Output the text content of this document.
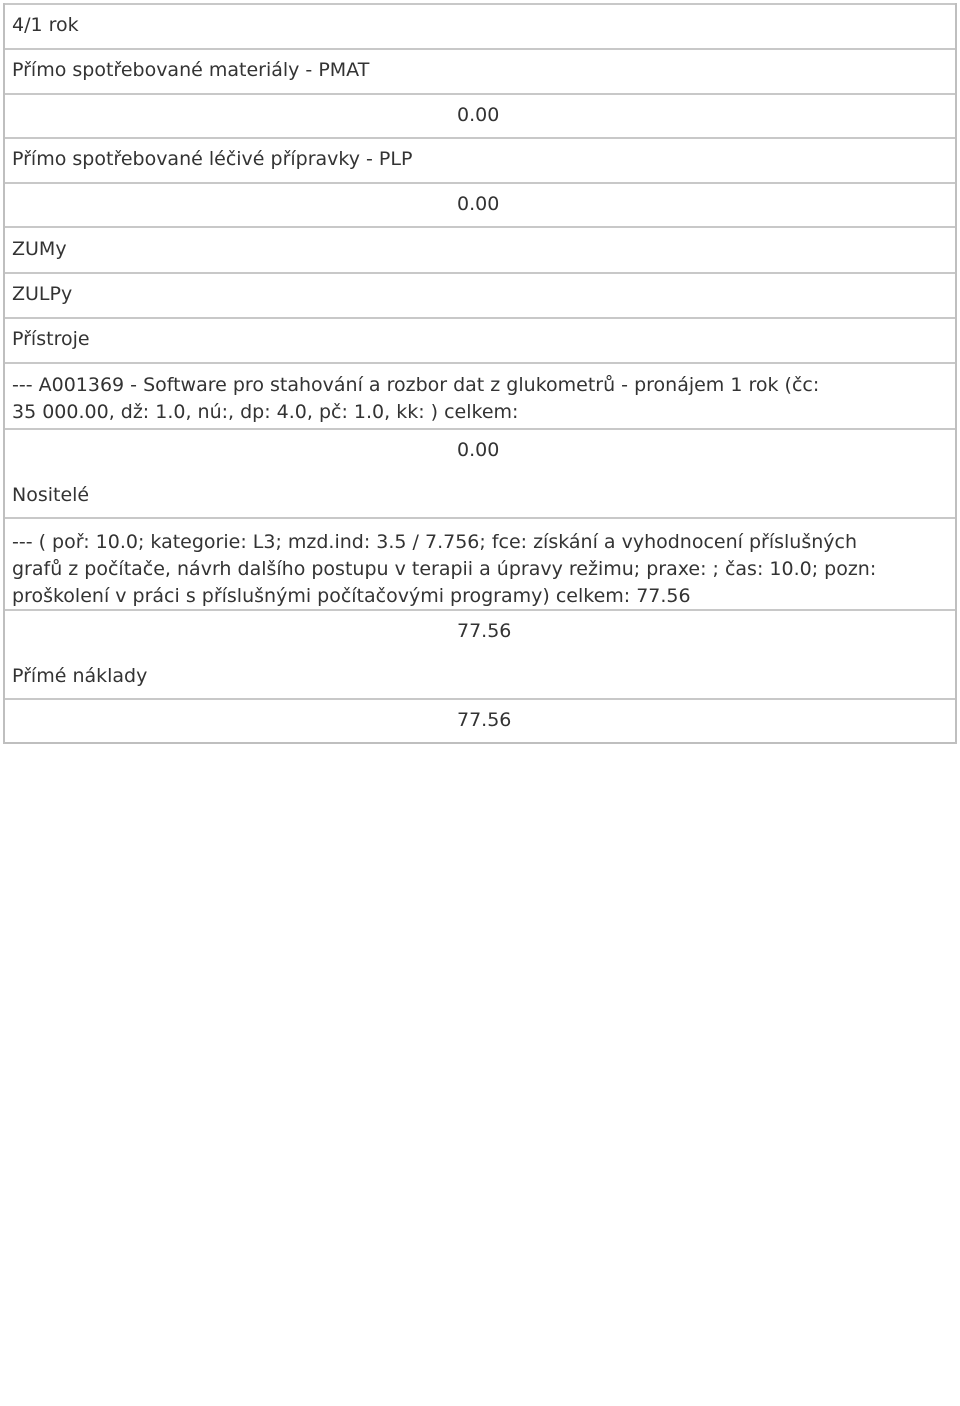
4/1 rok
Přímo spotřebované materiály - PMAT
0.00
Přímo spotřebované léčivé přípravky - PLP
0.00
ZUMy
ZULPy
Přístroje
--- A001369 - Software pro stahování a rozbor dat z glukometrů - pronájem 1 rok (čc:
35 000.00, dž: 1.0, nú:, dp: 4.0, pč: 1.0, kk: ) celkem:
0.00
Nositelé
--- ( poř: 10.0; kategorie: L3; mzd.ind: 3.5 / 7.756; fce: získání a vyhodnocení příslušných
grafů z počítače, návrh dalšího postupu v terapii a úpravy režimu; praxe: ; čas: 10.0; pozn:
proškolení v práci s příslušnými počítačovými programy) celkem: 77.56
77.56
Přímé náklady
77.56
